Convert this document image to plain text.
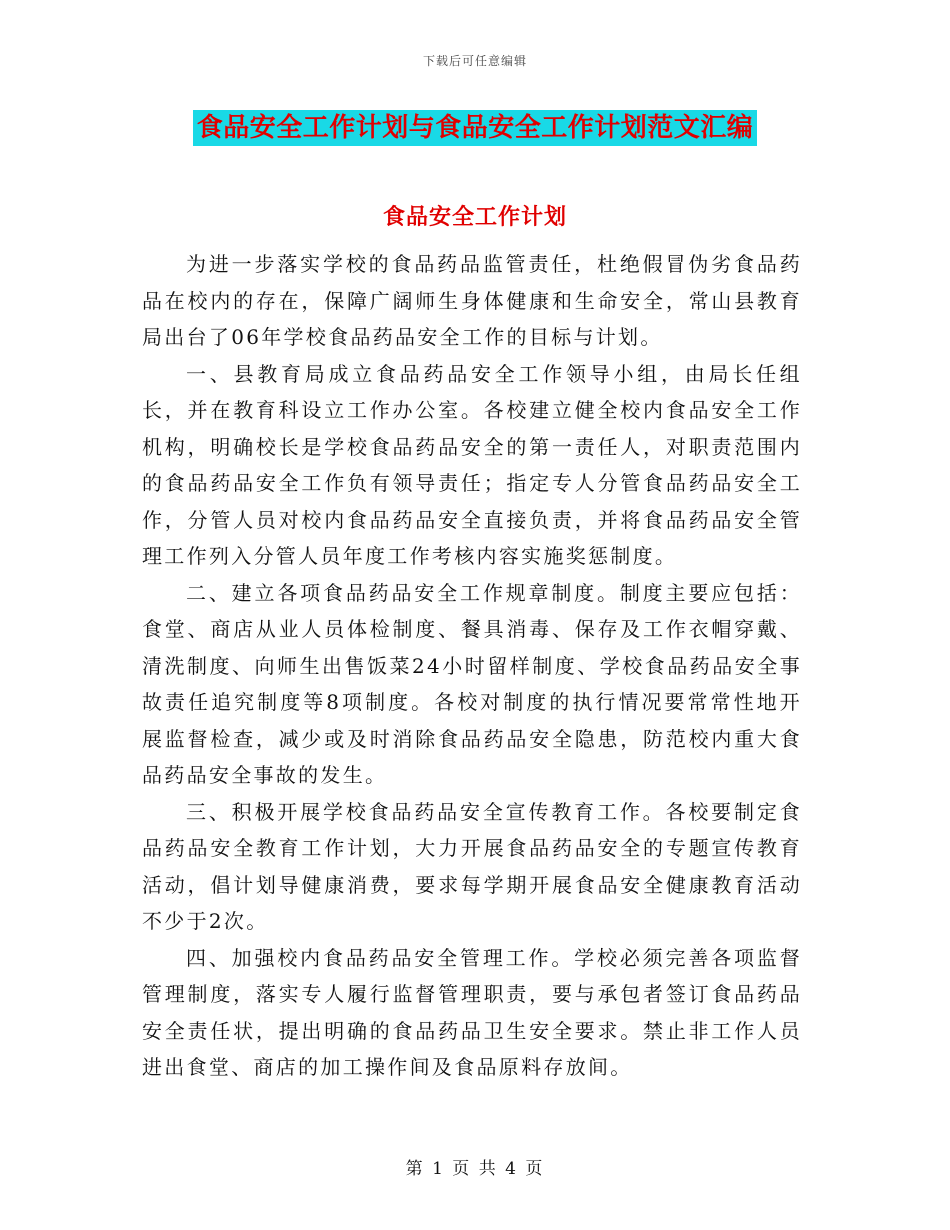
下载后可任意编辑
食品安全工作计划与食品安全工作计划范文汇编
食品安全工作计划

为进一步落实学校的食品药品监管责任，杜绝假冒伪劣食品药品在校内的存在，保障广阔师生身体健康和生命安全，常山县教育局出台了06年学校食品药品安全工作的目标与计划。

一、县教育局成立食品药品安全工作领导小组，由局长任组长，并在教育科设立工作办公室。各校建立健全校内食品安全工作机构，明确校长是学校食品药品安全的第一责任人，对职责范围内的食品药品安全工作负有领导责任；指定专人分管食品药品安全工作，分管人员对校内食品药品安全直接负责，并将食品药品安全管理工作列入分管人员年度工作考核内容实施奖惩制度。

二、建立各项食品药品安全工作规章制度。制度主要应包括：食堂、商店从业人员体检制度、餐具消毒、保存及工作衣帽穿戴、清洗制度、向师生出售饭菜24小时留样制度、学校食品药品安全事故责任追究制度等8项制度。各校对制度的执行情况要常常性地开展监督检查，减少或及时消除食品药品安全隐患，防范校内重大食品药品安全事故的发生。

三、积极开展学校食品药品安全宣传教育工作。各校要制定食品药品安全教育工作计划，大力开展食品药品安全的专题宣传教育活动，倡计划导健康消费，要求每学期开展食品安全健康教育活动不少于2次。

四、加强校内食品药品安全管理工作。学校必须完善各项监督管理制度，落实专人履行监督管理职责，要与承包者签订食品药品安全责任状，提出明确的食品药品卫生安全要求。禁止非工作人员进出食堂、商店的加工操作间及食品原料存放间。

第 1 页 共 4 页
